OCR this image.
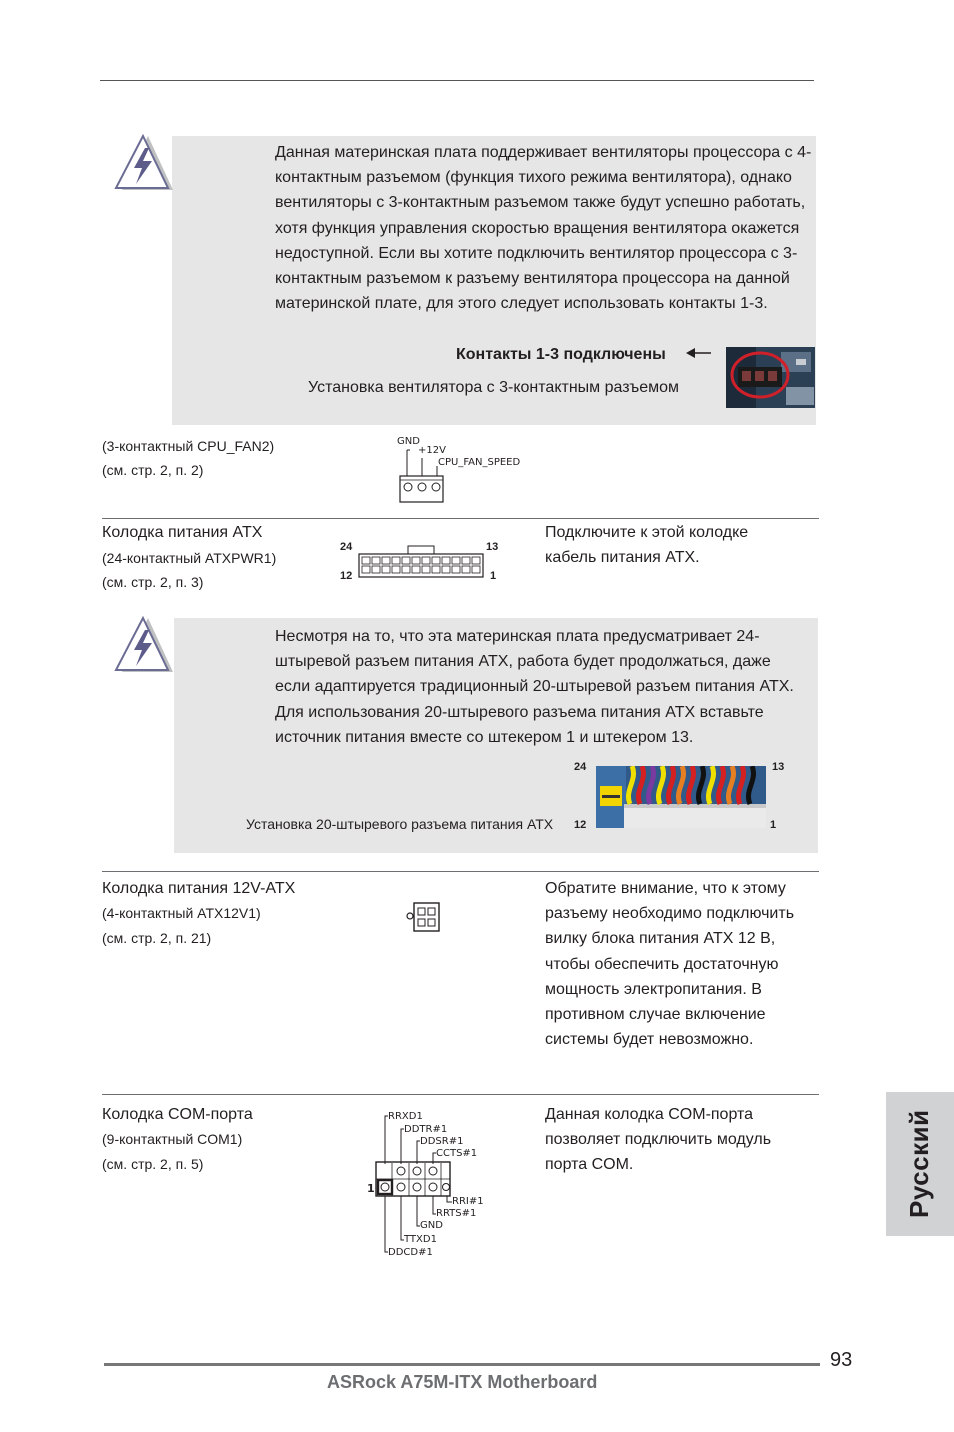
Данная материнская плата поддерживает вентиляторы процессора с 4-контактным разъемом (функция тихого режима вентилятора), однако вентиляторы с 3-контактным разъемом также будут успешно работать, хотя функция управления скоростью вращения вентилятора окажется недоступной. Если вы хотите подключить вентилятор процессора с 3-контактным разъемом к разъему вентилятора процессора на данной материнской плате, для этого следует использовать контакты 1-3.
Контакты 1-3 подключены
Установка вентилятора с 3-контактным разъемом
(3-контактный CPU_FAN2)
(см. стр. 2, п. 2)
GND
+12V
CPU_FAN_SPEED
Колодка питания ATX
(24-контактный ATXPWR1)
(см. стр. 2, п. 3)
24	13
12	1
Подключите к этой колодке кабель питания ATX.
Несмотря на то, что эта материнская плата предусматривает 24-штыревой разъем питания ATX, работа будет продолжаться, даже если адаптируется традиционный 20-штыревой разъем питания ATX. Для использования 20-штыревого разъема питания ATX вставьте источник питания вместе со штекером 1 и штекером 13.
24	13
12	1
Установка 20-штыревого разъема питания ATX
Колодка питания 12V-ATX
(4-контактный ATX12V1)
(см. стр. 2, п. 21)
Обратите внимание, что к этому разъему необходимо подключить вилку блока питания ATX 12 В, чтобы обеспечить достаточную мощность электропитания. В противном случае включение системы будет невозможно.
Колодка COM-порта
(9-контактный COM1)
(см. стр. 2, п. 5)
1
RRXD1
DDTR#1
DDSR#1
CCTS#1
RRI#1
RRTS#1
GND
TTXD1
DDCD#1
Данная колодка COM-порта позволяет подключить модуль порта COM.	Русский
93
ASRock A75M-ITX Motherboard
